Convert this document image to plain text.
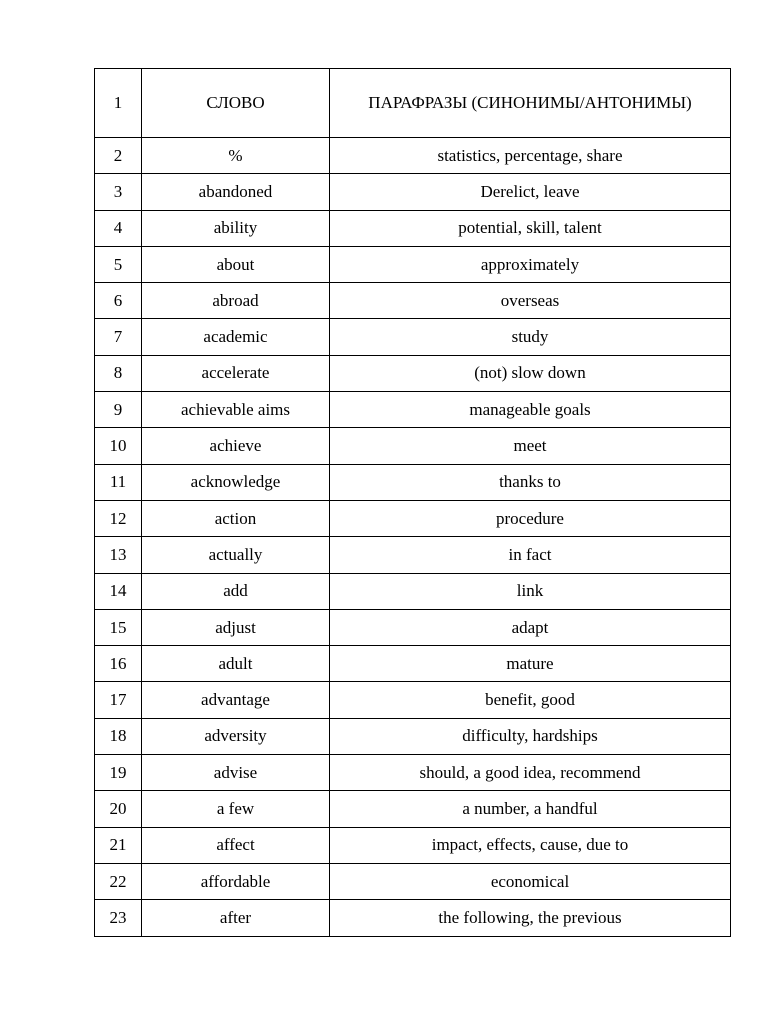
1	СЛОВО	ПАРАФРАЗЫ (СИНОНИМЫ/АНТОНИМЫ)
2	%	statistics, percentage, share
3	abandoned	Derelict, leave
4	ability	potential, skill, talent
5	about	approximately
6	abroad	overseas
7	academic	study
8	accelerate	(not) slow down
9	achievable aims	manageable goals
10	achieve	meet
11	acknowledge	thanks to
12	action	procedure
13	actually	in fact
14	add	link
15	adjust	adapt
16	adult	mature
17	advantage	benefit, good
18	adversity	difficulty, hardships
19	advise	should, a good idea, recommend
20	a few	a number, a handful
21	affect	impact, effects, cause, due to
22	affordable	economical
23	after	the following, the previous
